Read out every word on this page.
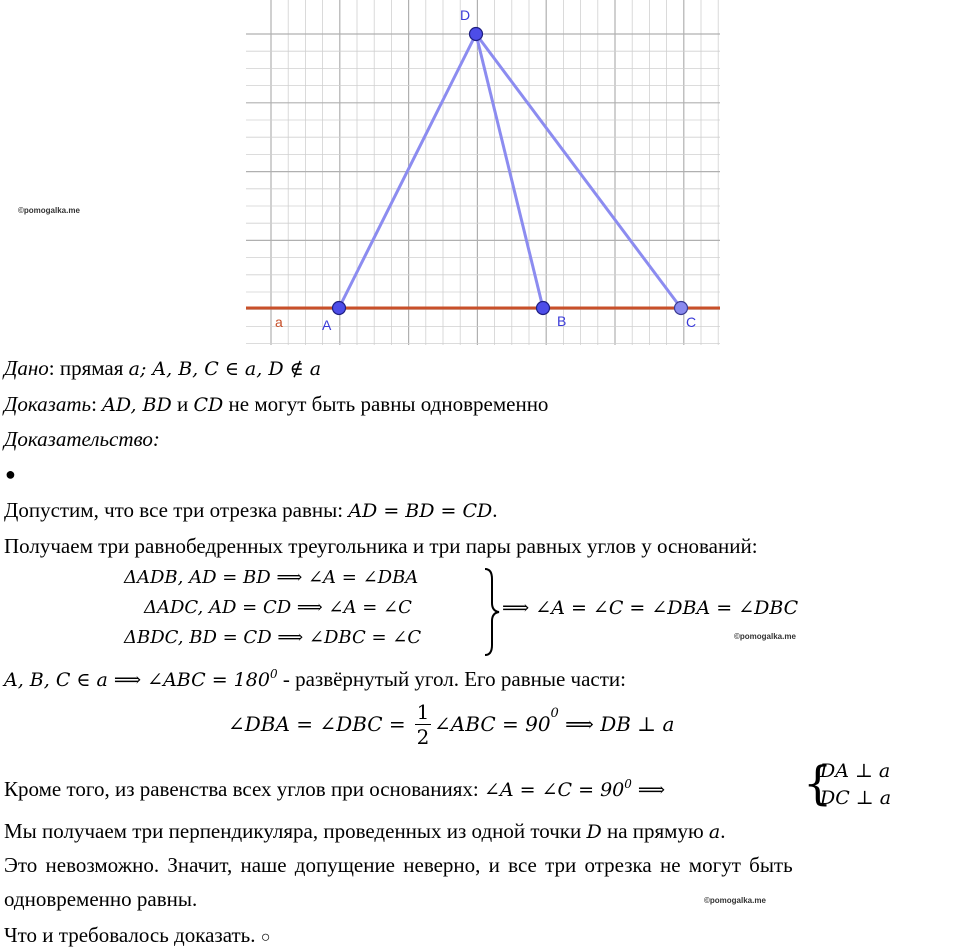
D
A	B	C
a
©pomogalka.me
©pomogalka.me
©pomogalka.me
Дано: прямая a; A, B, C ∈ a, D ∉ a
Доказать: AD, BD и CD не могут быть равны одновременно
Доказательство:
●
Допустим, что все три отрезка равны: AD = BD = CD.
Получаем три равнобедренных треугольника и три пары равных углов у оснований:
ΔADB, AD = BD ⟹ ∠A = ∠DBA
ΔADC, AD = CD ⟹ ∠A = ∠C
ΔBDC, BD = CD ⟹ ∠DBC = ∠C
⟹ ∠A = ∠C = ∠DBA = ∠DBC
A, B, C ∈ a ⟹ ∠ABC = $180^0$ - развёрнутый угол. Его равные части:
∠DBA = ∠DBC =
1
2
∠ABC = $90^0$ ⟹ DB ⊥ a
Кроме того, из равенства всех углов при основаниях: ∠A = ∠C = $90^0$ ⟹	{
DA ⊥ a
DC ⊥ a
Мы получаем три перпендикуляра, проведенных из одной точки D на прямую a.
Это невозможно. Значит, наше допущение неверно, и все три отрезка не могут быть
одновременно равны.
Что и требовалось доказать. ○
